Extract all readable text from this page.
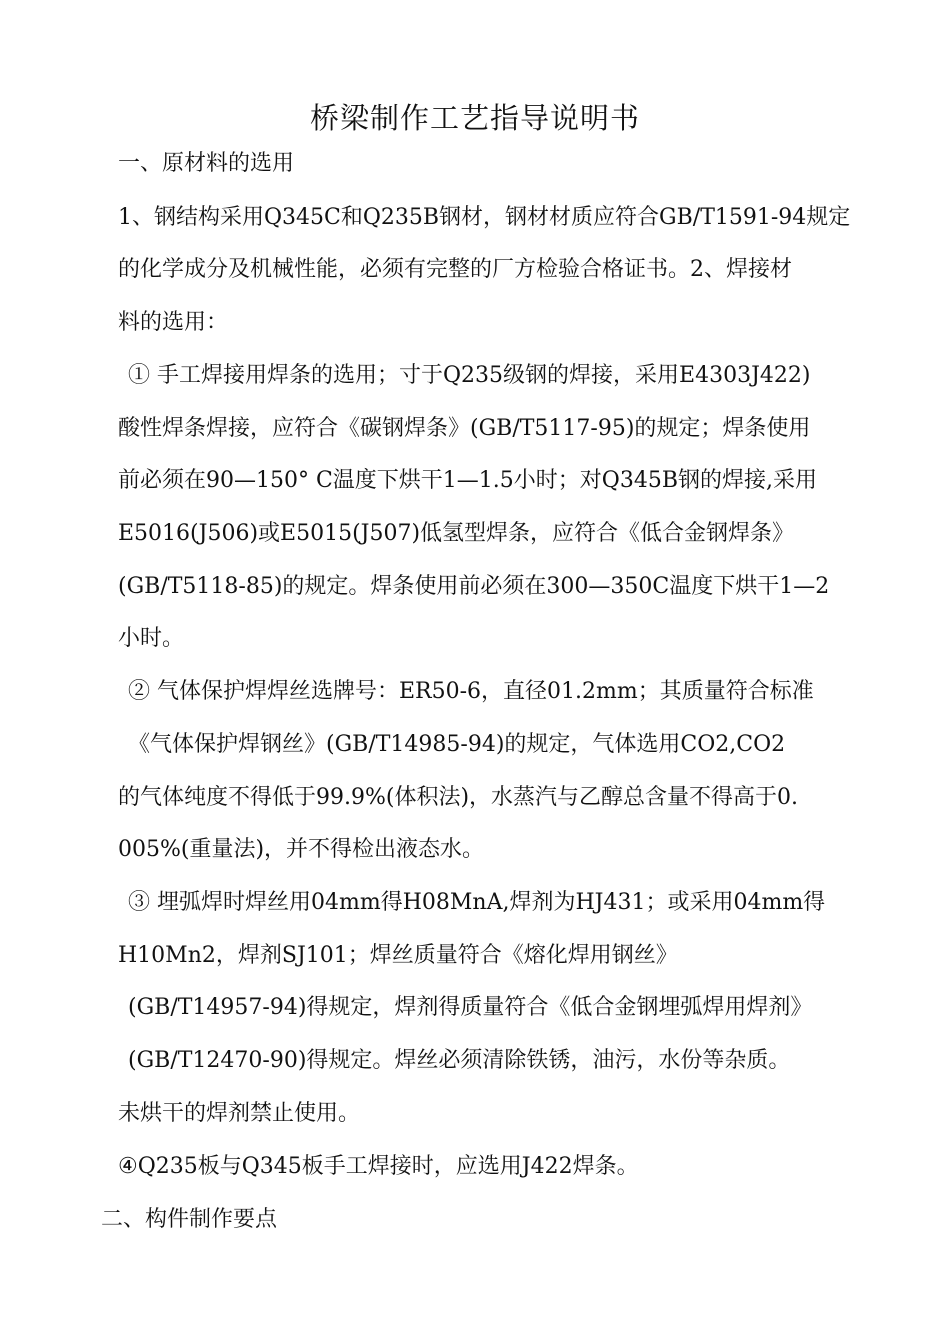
桥梁制作工艺指导说明书
一、原材料的选用
1、钢结构采用Q345C和Q235B钢材，钢材材质应符合GB/T1591-94规定
的化学成分及机械性能，必须有完整的厂方检验合格证书。2、焊接材
料的选用：
① 手工焊接用焊条的选用；寸于Q235级钢的焊接，采用E4303J422)
酸性焊条焊接，应符合《碳钢焊条》(GB/T5117-95)的规定；焊条使用
前必须在90—150° C温度下烘干1—1.5小时；对Q345B钢的焊接,采用
E5016(J506)或E5015(J507)低氢型焊条，应符合《低合金钢焊条》
(GB/T5118-85)的规定。焊条使用前必须在300—350C温度下烘干1—2
小时。
② 气体保护焊焊丝选牌号：ER50-6，直径01.2mm；其质量符合标准
《气体保护焊钢丝》(GB/T14985-94)的规定，气体选用CO2,CO2
的气体纯度不得低于99.9%(体积法)，水蒸汽与乙醇总含量不得高于0.
005%(重量法)，并不得检出液态水。
③ 埋弧焊时焊丝用04mm得H08MnA,焊剂为HJ431；或采用04mm得
H10Mn2，焊剂SJ101；焊丝质量符合《熔化焊用钢丝》
(GB/T14957-94)得规定，焊剂得质量符合《低合金钢埋弧焊用焊剂》
(GB/T12470-90)得规定。焊丝必须清除铁锈，油污，水份等杂质。
未烘干的焊剂禁止使用。
④Q235板与Q345板手工焊接时，应选用J422焊条。
二、构件制作要点
